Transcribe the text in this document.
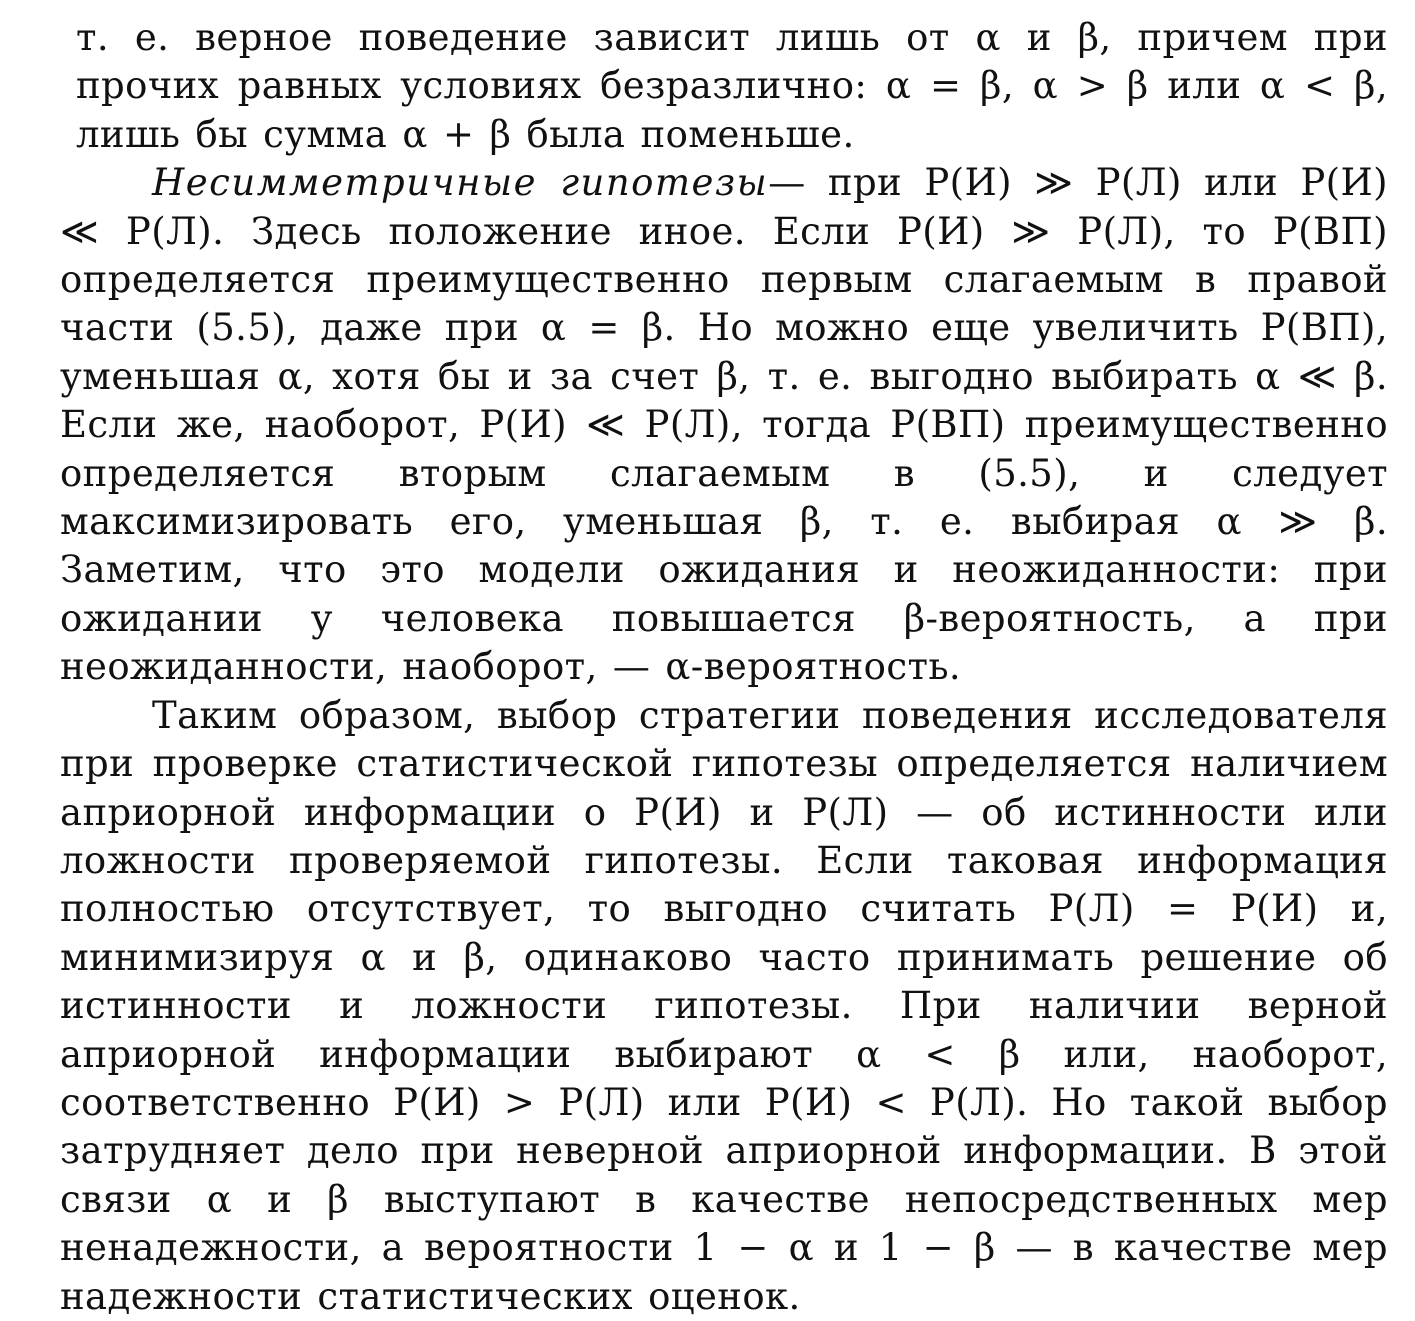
т. е. верное поведение зависит лишь от α и β, причем при прочих равных условиях безразлично: α = β, α > β или α < β, лишь бы сумма α + β была поменьше.

Несимметричные гипотезы— при P(И) ≫ P(Л) или P(И) ≪ P(Л). Здесь положение иное. Если P(И) ≫ P(Л), то P(ВП) определяется преимущественно первым слагаемым в правой части (5.5), даже при α = β. Но можно еще увеличить P(ВП), уменьшая α, хотя бы и за счет β, т. е. выгодно выбирать α ≪ β. Если же, наоборот, P(И) ≪ P(Л), тогда P(ВП) преимущественно определяется вторым слагаемым в (5.5), и следует максимизировать его, уменьшая β, т. е. выбирая α ≫ β. Заметим, что это модели ожидания и неожиданности: при ожидании у человека повышается β-вероятность, а при неожиданности, наоборот, — α-вероятность.

Таким образом, выбор стратегии поведения исследователя при проверке статистической гипотезы определяется наличием априорной информации о P(И) и P(Л) — об истинности или ложности проверяемой гипотезы. Если таковая информация полностью отсутствует, то выгодно считать P(Л) = P(И) и, минимизируя α и β, одинаково часто принимать решение об истинности и ложности гипотезы. При наличии верной априорной информации выбирают α < β или, наоборот, соответственно P(И) > P(Л) или P(И) < P(Л). Но такой выбор затрудняет дело при неверной априорной информации. В этой связи α и β выступают в качестве непосредственных мер ненадежности, а вероятности 1 − α и 1 − β — в качестве мер надежности статистических оценок.
